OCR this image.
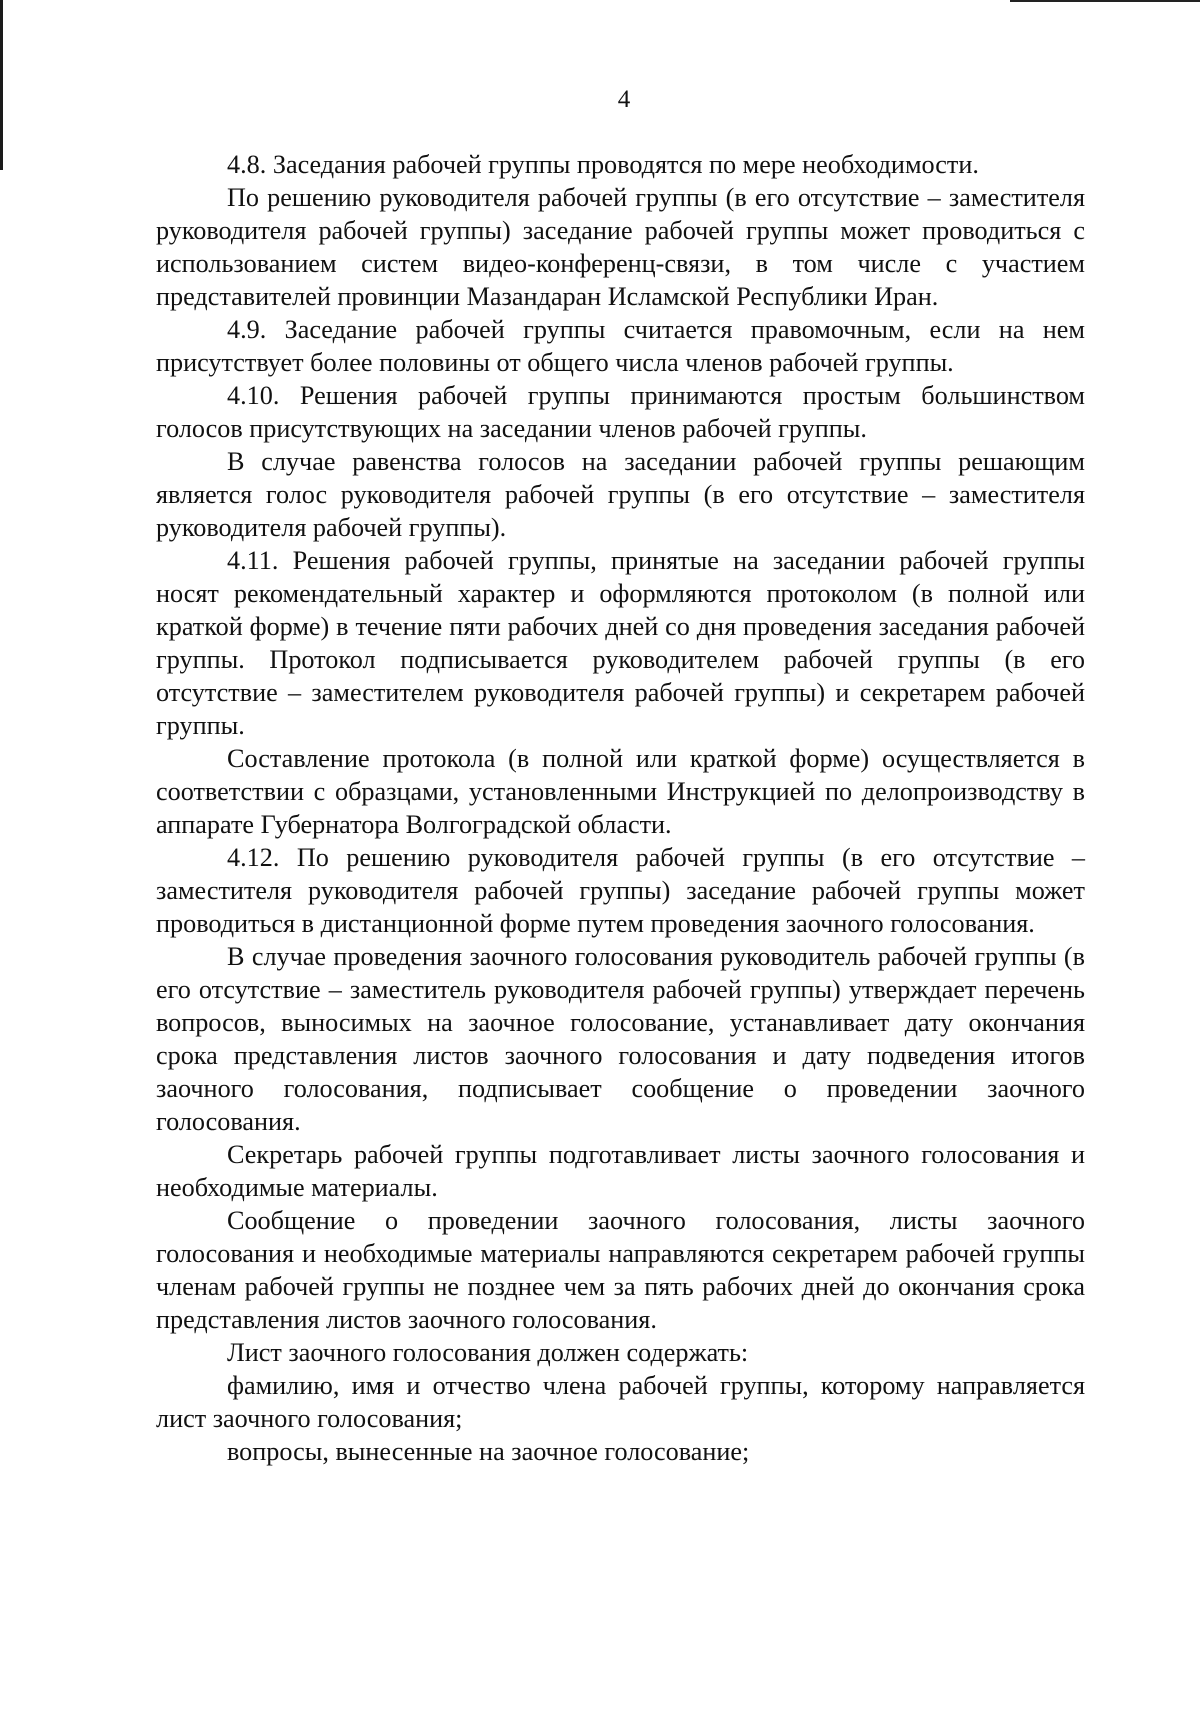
4

4.8. Заседания рабочей группы проводятся по мере необходимости.

По решению руководителя рабочей группы (в его отсутствие – заместителя руководителя рабочей группы) заседание рабочей группы может проводиться с использованием систем видео-конференц-связи, в том числе с участием представителей провинции Мазандаран Исламской Республики Иран.

4.9. Заседание рабочей группы считается правомочным, если на нем присутствует более половины от общего числа членов рабочей группы.

4.10. Решения рабочей группы принимаются простым большинством голосов присутствующих на заседании членов рабочей группы.

В случае равенства голосов на заседании рабочей группы решающим является голос руководителя рабочей группы (в его отсутствие – заместителя руководителя рабочей группы).

4.11. Решения рабочей группы, принятые на заседании рабочей группы носят рекомендательный характер и оформляются протоколом (в полной или краткой форме) в течение пяти рабочих дней со дня проведения заседания рабочей группы. Протокол подписывается руководителем рабочей группы (в его отсутствие – заместителем руководителя рабочей группы) и секретарем рабочей группы.

Составление протокола (в полной или краткой форме) осуществляется в соответствии с образцами, установленными Инструкцией по делопроизводству в аппарате Губернатора Волгоградской области.

4.12. По решению руководителя рабочей группы (в его отсутствие – заместителя руководителя рабочей группы) заседание рабочей группы может проводиться в дистанционной форме путем проведения заочного голосования.

В случае проведения заочного голосования руководитель рабочей группы (в его отсутствие – заместитель руководителя рабочей группы) утверждает перечень вопросов, выносимых на заочное голосование, устанавливает дату окончания срока представления листов заочного голосования и дату подведения итогов заочного голосования, подписывает сообщение о проведении заочного голосования.

Секретарь рабочей группы подготавливает листы заочного голосования и необходимые материалы.

Сообщение о проведении заочного голосования, листы заочного голосования и необходимые материалы направляются секретарем рабочей группы членам рабочей группы не позднее чем за пять рабочих дней до окончания срока представления листов заочного голосования.

Лист заочного голосования должен содержать:

фамилию, имя и отчество члена рабочей группы, которому направляется лист заочного голосования;

вопросы, вынесенные на заочное голосование;
